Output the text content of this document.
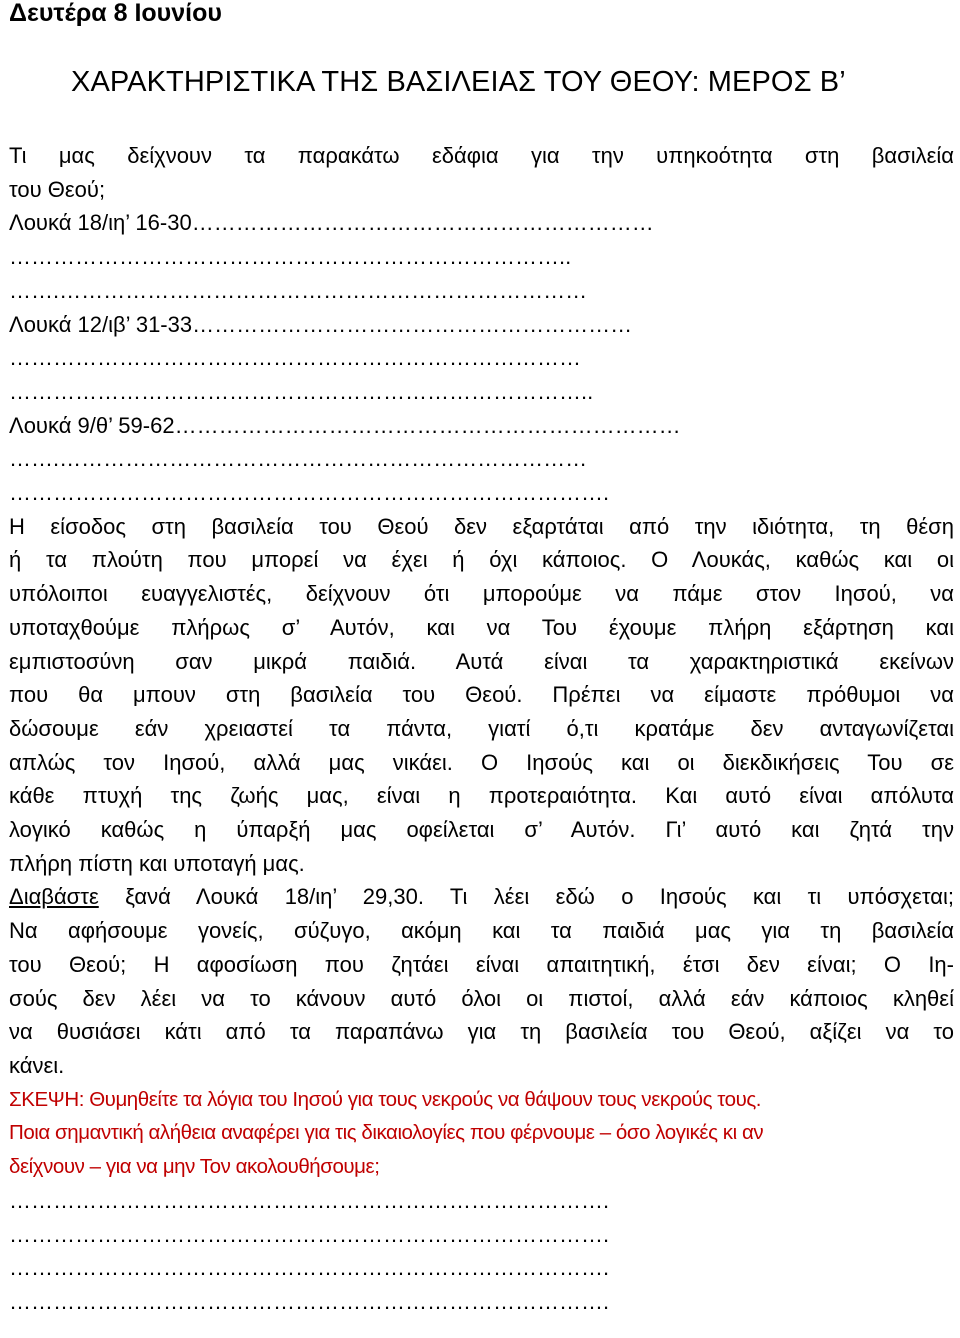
Δευτέρα 8 Ιουνίου
ΧΑΡΑΚΤΗΡΙΣΤΙΚΑ ΤΗΣ ΒΑΣΙΛΕΙΑΣ ΤΟΥ ΘΕΟΥ: ΜΕΡΟΣ Β’
Τι μας δείχνουν τα παρακάτω εδάφια για την υπηκοότητα στη βασιλεία
του Θεού;
Λουκά 18/ιη’ 16-30………………………………………………………
…………………………………………………………………..
…….………………………………………………………………
Λουκά 12/ιβ’ 31-33……………………………………………………
……………………………………………………………………
……………………………………………………………………..
Λουκά 9/θ’ 59-62……………………………………………………………
…….………………………………………………………………
……………………………………………………………………….
Η είσοδος στη βασιλεία του Θεού δεν εξαρτάται από την ιδιότητα, τη θέση
ή τα πλούτη που μπορεί να έχει ή όχι κάποιος. Ο Λουκάς, καθώς και οι
υπόλοιποι ευαγγελιστές, δείχνουν ότι μπορούμε να πάμε στον Ιησού, να
υποταχθούμε πλήρως σ’ Αυτόν, και να Του έχουμε πλήρη εξάρτηση και
εμπιστοσύνη σαν μικρά παιδιά. Αυτά είναι τα χαρακτηριστικά εκείνων
που θα μπουν στη βασιλεία του Θεού. Πρέπει να είμαστε πρόθυμοι να
δώσουμε εάν χρειαστεί τα πάντα, γιατί ό,τι κρατάμε δεν ανταγωνίζεται
απλώς τον Ιησού, αλλά μας νικάει. Ο Ιησούς και οι διεκδικήσεις Του σε
κάθε πτυχή της ζωής μας, είναι η προτεραιότητα. Και αυτό είναι απόλυτα
λογικό καθώς η ύπαρξή μας οφείλεται σ’ Αυτόν. Γι’ αυτό και ζητά την
πλήρη πίστη και υποταγή μας.
Διαβάστε ξανά Λουκά 18/ιη’ 29,30. Τι λέει εδώ ο Ιησούς και τι υπόσχεται;
Να αφήσουμε γονείς, σύζυγο, ακόμη και τα παιδιά μας για τη βασιλεία
του Θεού; Η αφοσίωση που ζητάει είναι απαιτητική, έτσι δεν είναι; Ο Ιη-
σούς δεν λέει να το κάνουν αυτό όλοι οι πιστοί, αλλά εάν κάποιος κληθεί
να θυσιάσει κάτι από τα παραπάνω για τη βασιλεία του Θεού, αξίζει να το
κάνει.
ΣΚΕΨΗ: Θυμηθείτε τα λόγια του Ιησού για τους νεκρούς να θάψουν τους νεκρούς τους.
Ποια σημαντική αλήθεια αναφέρει για τις δικαιολογίες που φέρνουμε – όσο λογικές κι αν
δείχνουν – για να μην Τον ακολουθήσουμε;
……………………………………………………………………….
……………………………………………………………………….
……………………………………………………………………….
……………………………………………………………………….
